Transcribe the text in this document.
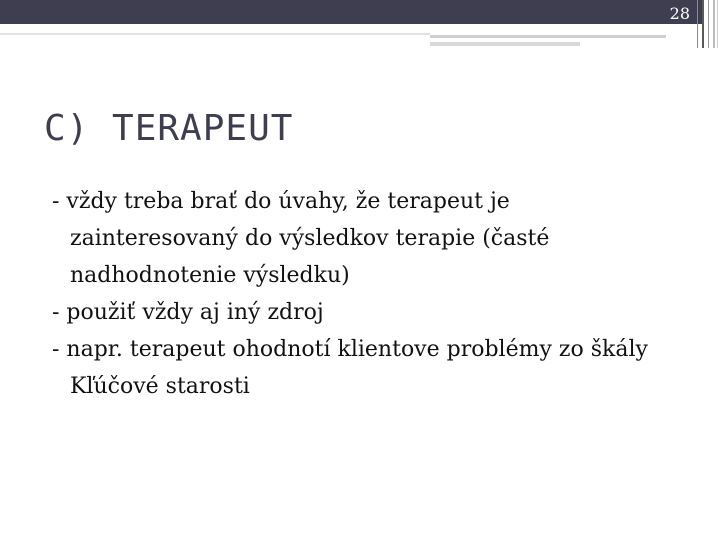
28
C) TERAPEUT
- vždy treba brať do úvahy, že terapeut je zainteresovaný do výsledkov terapie (časté nadhodnotenie výsledku)
- použiť vždy aj iný zdroj
- napr. terapeut ohodnotí klientove problémy zo škály Kľúčové starosti
